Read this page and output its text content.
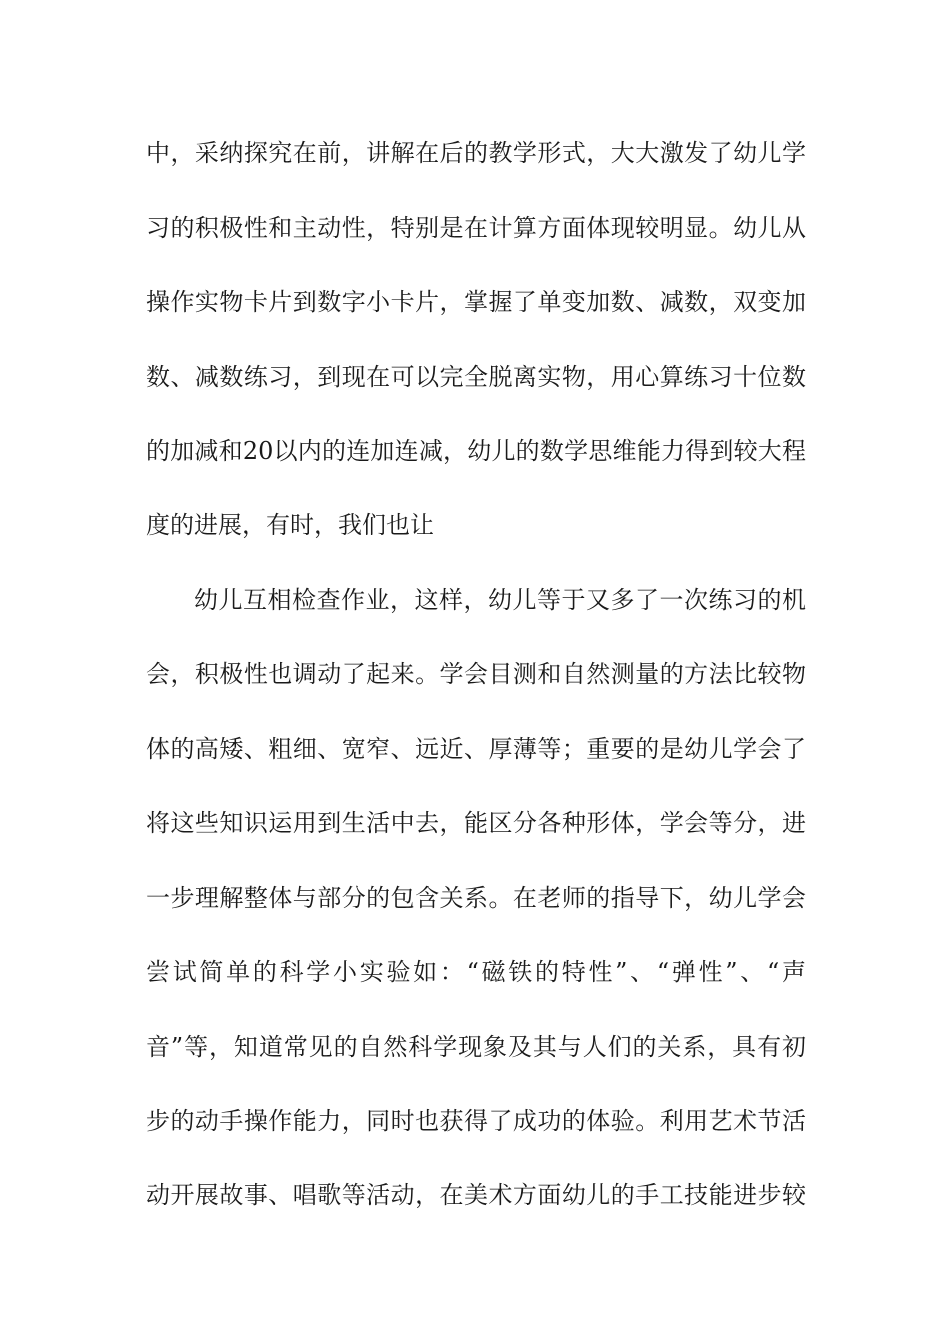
中，采纳探究在前，讲解在后的教学形式，大大激发了幼儿学
习的积极性和主动性，特别是在计算方面体现较明显。幼儿从
操作实物卡片到数字小卡片，掌握了单变加数、减数，双变加
数、减数练习，到现在可以完全脱离实物，用心算练习十位数
的加减和20以内的连加连减，幼儿的数学思维能力得到较大程
度的进展，有时，我们也让
幼儿互相检查作业，这样，幼儿等于又多了一次练习的机
会，积极性也调动了起来。学会目测和自然测量的方法比较物
体的高矮、粗细、宽窄、远近、厚薄等；重要的是幼儿学会了
将这些知识运用到生活中去，能区分各种形体，学会等分，进
一步理解整体与部分的包含关系。在老师的指导下，幼儿学会
尝试简单的科学小实验如：“磁铁的特性”、“弹性”、“声
音”等，知道常见的自然科学现象及其与人们的关系，具有初
步的动手操作能力，同时也获得了成功的体验。利用艺术节活
动开展故事、唱歌等活动，在美术方面幼儿的手工技能进步较
